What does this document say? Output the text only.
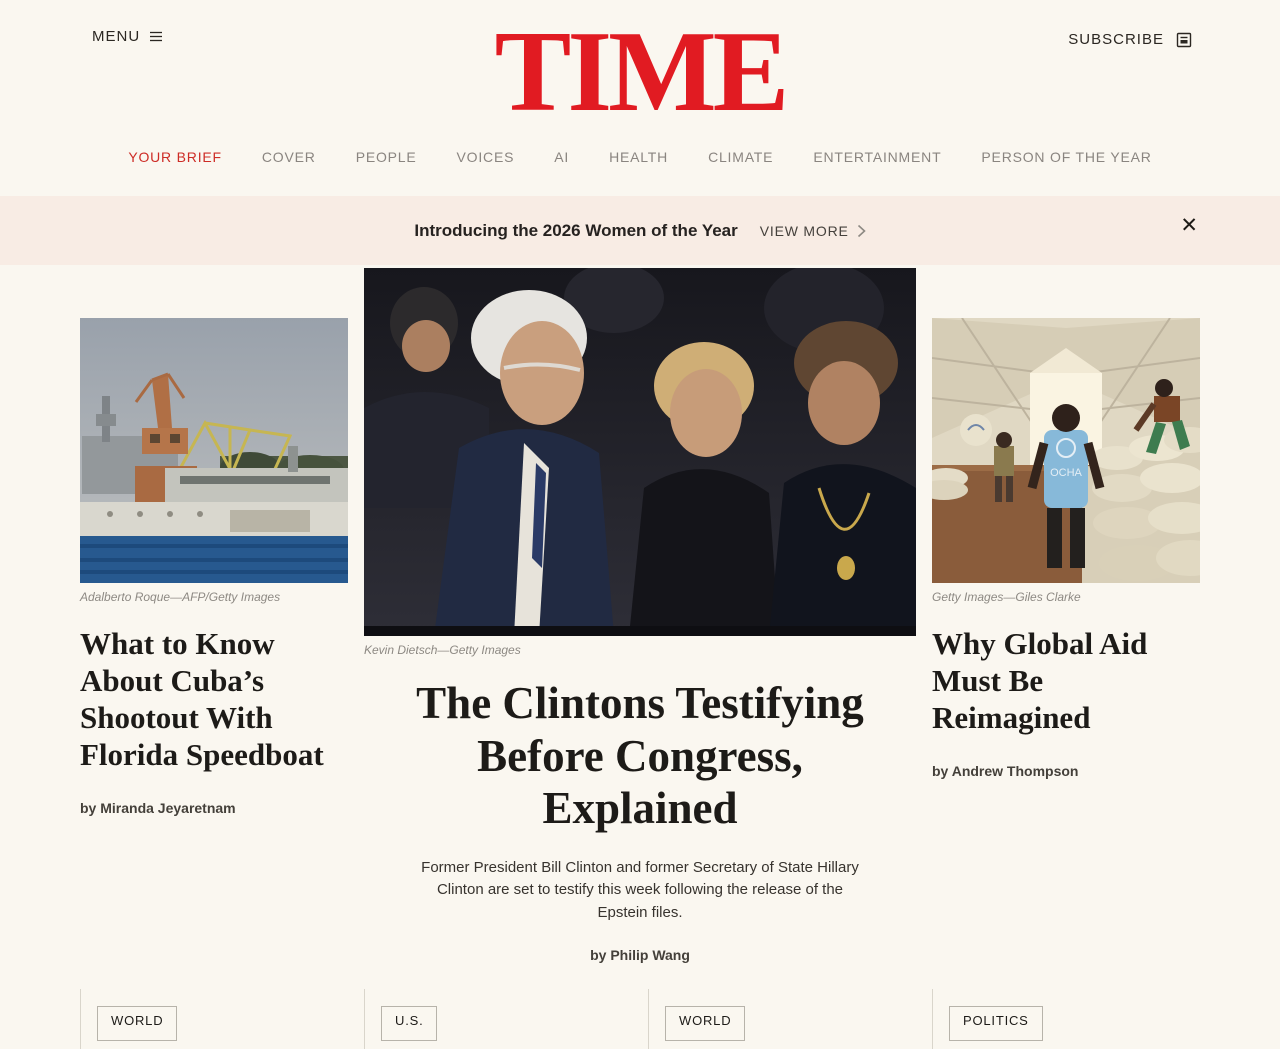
MENU	TIME	SUBSCRIBE
YOUR BRIEF	COVER	PEOPLE	VOICES	AI	HEALTH	CLIMATE	ENTERTAINMENT	PERSON OF THE YEAR
Introducing the 2026 Women of the Year VIEW MORE	✕
Adalberto Roque—AFP/Getty Images
What to Know About Cuba’s Shootout With Florida Speedboat
by Miranda Jeyaretnam
Kevin Dietsch—Getty Images
The Clintons Testifying Before Congress, Explained
Former President Bill Clinton and former Secretary of State Hillary Clinton are set to testify this week following the release of the Epstein files.
by Philip Wang
OCHA
Getty Images—Giles Clarke
Why Global Aid Must Be Reimagined
by Andrew Thompson
WORLD	U.S.	WORLD	POLITICS
